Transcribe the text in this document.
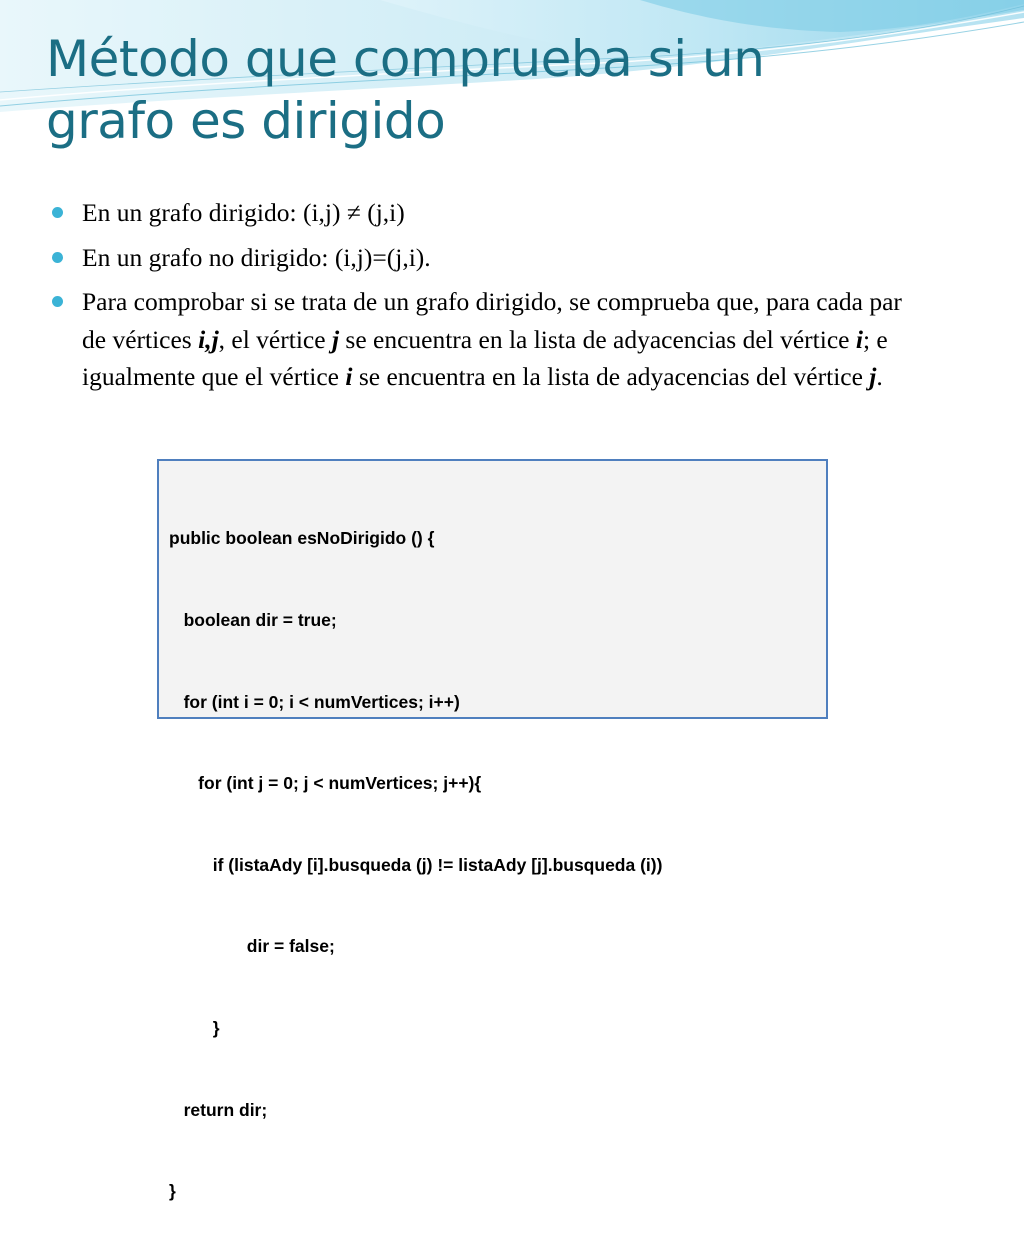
Método que comprueba si un
grafo es dirigido
En un grafo dirigido: (i,j) ≠ (j,i)
En un grafo no dirigido: (i,j)=(j,i).
Para comprobar si se trata de un grafo dirigido, se comprueba que, para cada par de vértices i,j, el vértice j se encuentra en la lista de adyacencias del vértice i; e igualmente que el vértice i se encuentra en la lista de adyacencias del vértice j.

public boolean esNoDirigido () {

boolean dir = true;

for (int i = 0; i < numVertices; i++)

for (int j = 0; j < numVertices; j++){

if (listaAdy [i].busqueda (j) != listaAdy [j].busqueda (i))

dir = false;

}

return dir;

}
